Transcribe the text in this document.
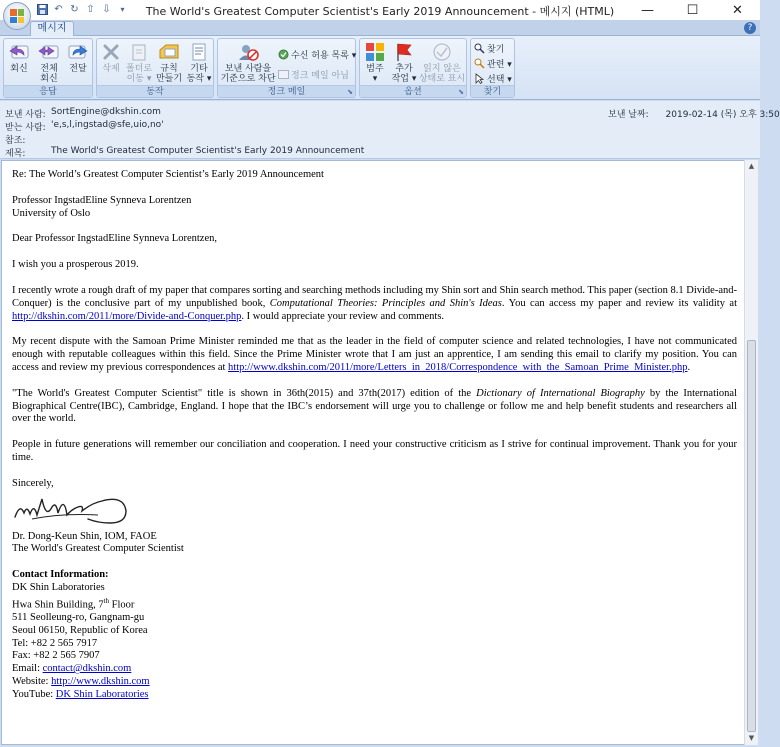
↶ ↻ ⇧ ⇩	▾	The World's Greatest Computer Scientist's Early 2019 Announcement - 메시지 (HTML)	—	☐	✕
메시지	?
회신	전체
회신
전달
응답
삭제 폴더로
이동 ▾
규칙
만들기
기타
동작 ▾
동작
보낸 사람을
기준으로 차단
수신 허용 목록 ▾
정크 메일 아님
정크 메일	⬊
범주
▾
추가
작업 ▾
읽지 않은
상태로 표시
옵션	⬊
찾기
관련 ▾
선택 ▾
찾기
보낸 사람: SortEngine@dkshin.com
받는 사람: 'e,s,l,ingstad@sfe,uio,no'
참조:
제목:	The World's Greatest Computer Scientist's Early 2019 Announcement
보낸 날짜: 2019-02-14 (목) 오후 3:50

Re: The World’s Greatest Computer Scientist’s Early 2019 Announcement

Professor IngstadEline Synneva Lorentzen
University of Oslo

Dear Professor IngstadEline Synneva Lorentzen,

I wish you a prosperous 2019.

I recently wrote a rough draft of my paper that compares sorting and searching methods including my Shin sort and Shin search method. This paper (section 8.1 Divide-and-Conquer) is the conclusive part of my unpublished book, Computational Theories: Principles and Shin's Ideas. You can access my paper and review its validity at http://dkshin.com/2011/more/Divide-and-Conquer.php. I would appreciate your review and comments.

My recent dispute with the Samoan Prime Minister reminded me that as the leader in the field of computer science and related technologies, I have not communicated enough with reputable colleagues within this field. Since the Prime Minister wrote that I am just an apprentice, I am sending this email to clarify my position. You can access and review my previous correspondences at http://www.dkshin.com/2011/more/Letters_in_2018/Correspondence_with_the_Samoan_Prime_Minister.php.

"The World's Greatest Computer Scientist" title is shown in 36th(2015) and 37th(2017) edition of the Dictionary of International Biography by the International Biographical Centre(IBC), Cambridge, England. I hope that the IBC’s endorsement will urge you to challenge or follow me and help benefit students and researchers all over the world.

People in future generations will remember our conciliation and cooperation. I need your constructive criticism as I strive for continual improvement. Thank you for your time.

Sincerely,

Dr. Dong-Keun Shin, IOM, FAOE
The World's Greatest Computer Scientist

Contact Information:
DK Shin Laboratories
Hwa Shin Building, 7th Floor
511 Seolleung-ro, Gangnam-gu
Seoul 06150, Republic of Korea
Tel: +82 2 565 7917
Fax: +82 2 565 7907
Email: contact@dkshin.com
Website: http://www.dkshin.com
YouTube: DK Shin Laboratories

▲
▼
